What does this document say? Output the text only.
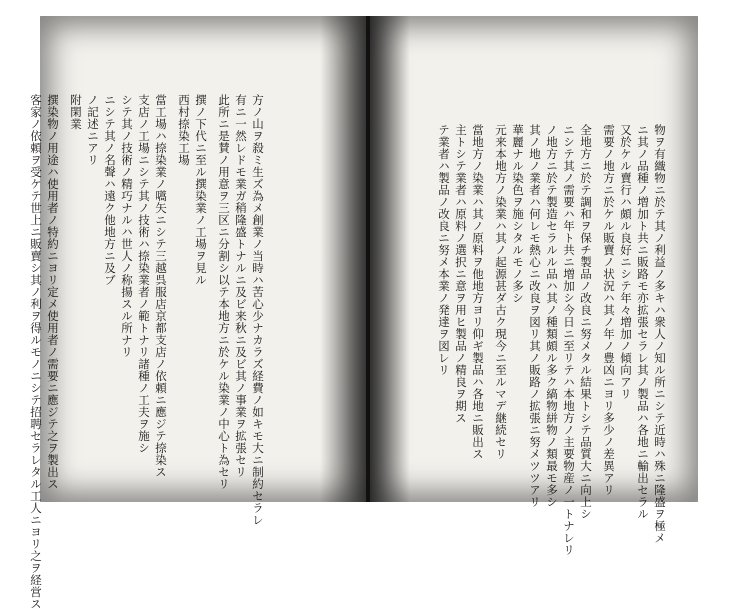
方ノ山ヲ殺ミ生ズ為メ創業ノ当時ハ苦心少ナカラズ経費ノ如キモ大ニ制約セラレ
有ニ一然レドモ業ガ稍隆盛トナルニ及ビ来秋ニ及ビ其ノ事業ヲ拡張セリ
此所ニ是賛ノ用意ヲ三区ニ分割シ以テ本地方ニ於ケル染業ノ中心ト為セリ
撰ノ下代ニ至ル撰染業ノ工場ヲ見ル
西村捺染工場
當工場ハ捺染業ノ嚆矢ニシテ三越呉服店京都支店ノ依頼ニ應ジテ捺染ス
支店ノ工場ニシテ其ノ技術ハ捺染業者ノ範トナリ諸種ノ工夫ヲ施シ
シテ其ノ技術ノ精巧ナルハ世人ノ称揚スル所ナリ
ニシテ其ノ名聲ハ遠ク他地方ニ及ブ
ノ記述ニアリ
附閑業
撰染物ノ用途ハ使用者ノ特約ニヨリ定メ使用者ノ需要ニ應ジテ之ヲ製出ス
客家ノ依頼ヲ受ケテ世上ニ販賣シ其ノ利ヲ得ルモノニシテ招聘セラレタル工人ニヨリ之ヲ経営ス	物ヲ有織物ニ於テ其ノ利益ノ多キハ衆人ノ知ル所ニシテ近時ハ殊ニ隆盛ヲ極メ
ニ其ノ品種ノ増加ト共ニ販路モ亦拡張セラレ其ノ製品ハ各地ニ輸出セラル
又於ケル賣行ハ頗ル良好ニシテ年々増加ノ傾向アリ
需要ノ地方ニ於ケル販賣ノ状況ハ其ノ年ノ豊凶ニヨリ多少ノ差異アリ
全地方ニ於テ調和ヲ保チ製品ノ改良ニ努メタル結果トシテ品質大ニ向上シ
ニシテ其ノ需要ハ年ト共ニ増加シ今日ニ至リテハ本地方ノ主要物産ノ一トナレリ
ノ地方ニ於テ製造セラルル品ハ其ノ種類頗ル多ク縞物絣物ノ類最モ多シ
其ノ地ノ業者ハ何レモ熱心ニ改良ヲ図リ其ノ販路ノ拡張ニ努メツツアリ
華麗ナル染色ヲ施シタルモノ多シ
元来本地方ノ染業ハ其ノ起源甚ダ古ク現今ニ至ルマデ継続セリ
當地方ノ染業ハ其ノ原料ヲ他地方ヨリ仰ギ製品ハ各地ニ販出ス
主トシテ業者ハ原料ノ選択ニ意ヲ用ヒ製品ノ精良ヲ期ス
テ業者ハ製品ノ改良ニ努メ本業ノ発達ヲ図レリ
